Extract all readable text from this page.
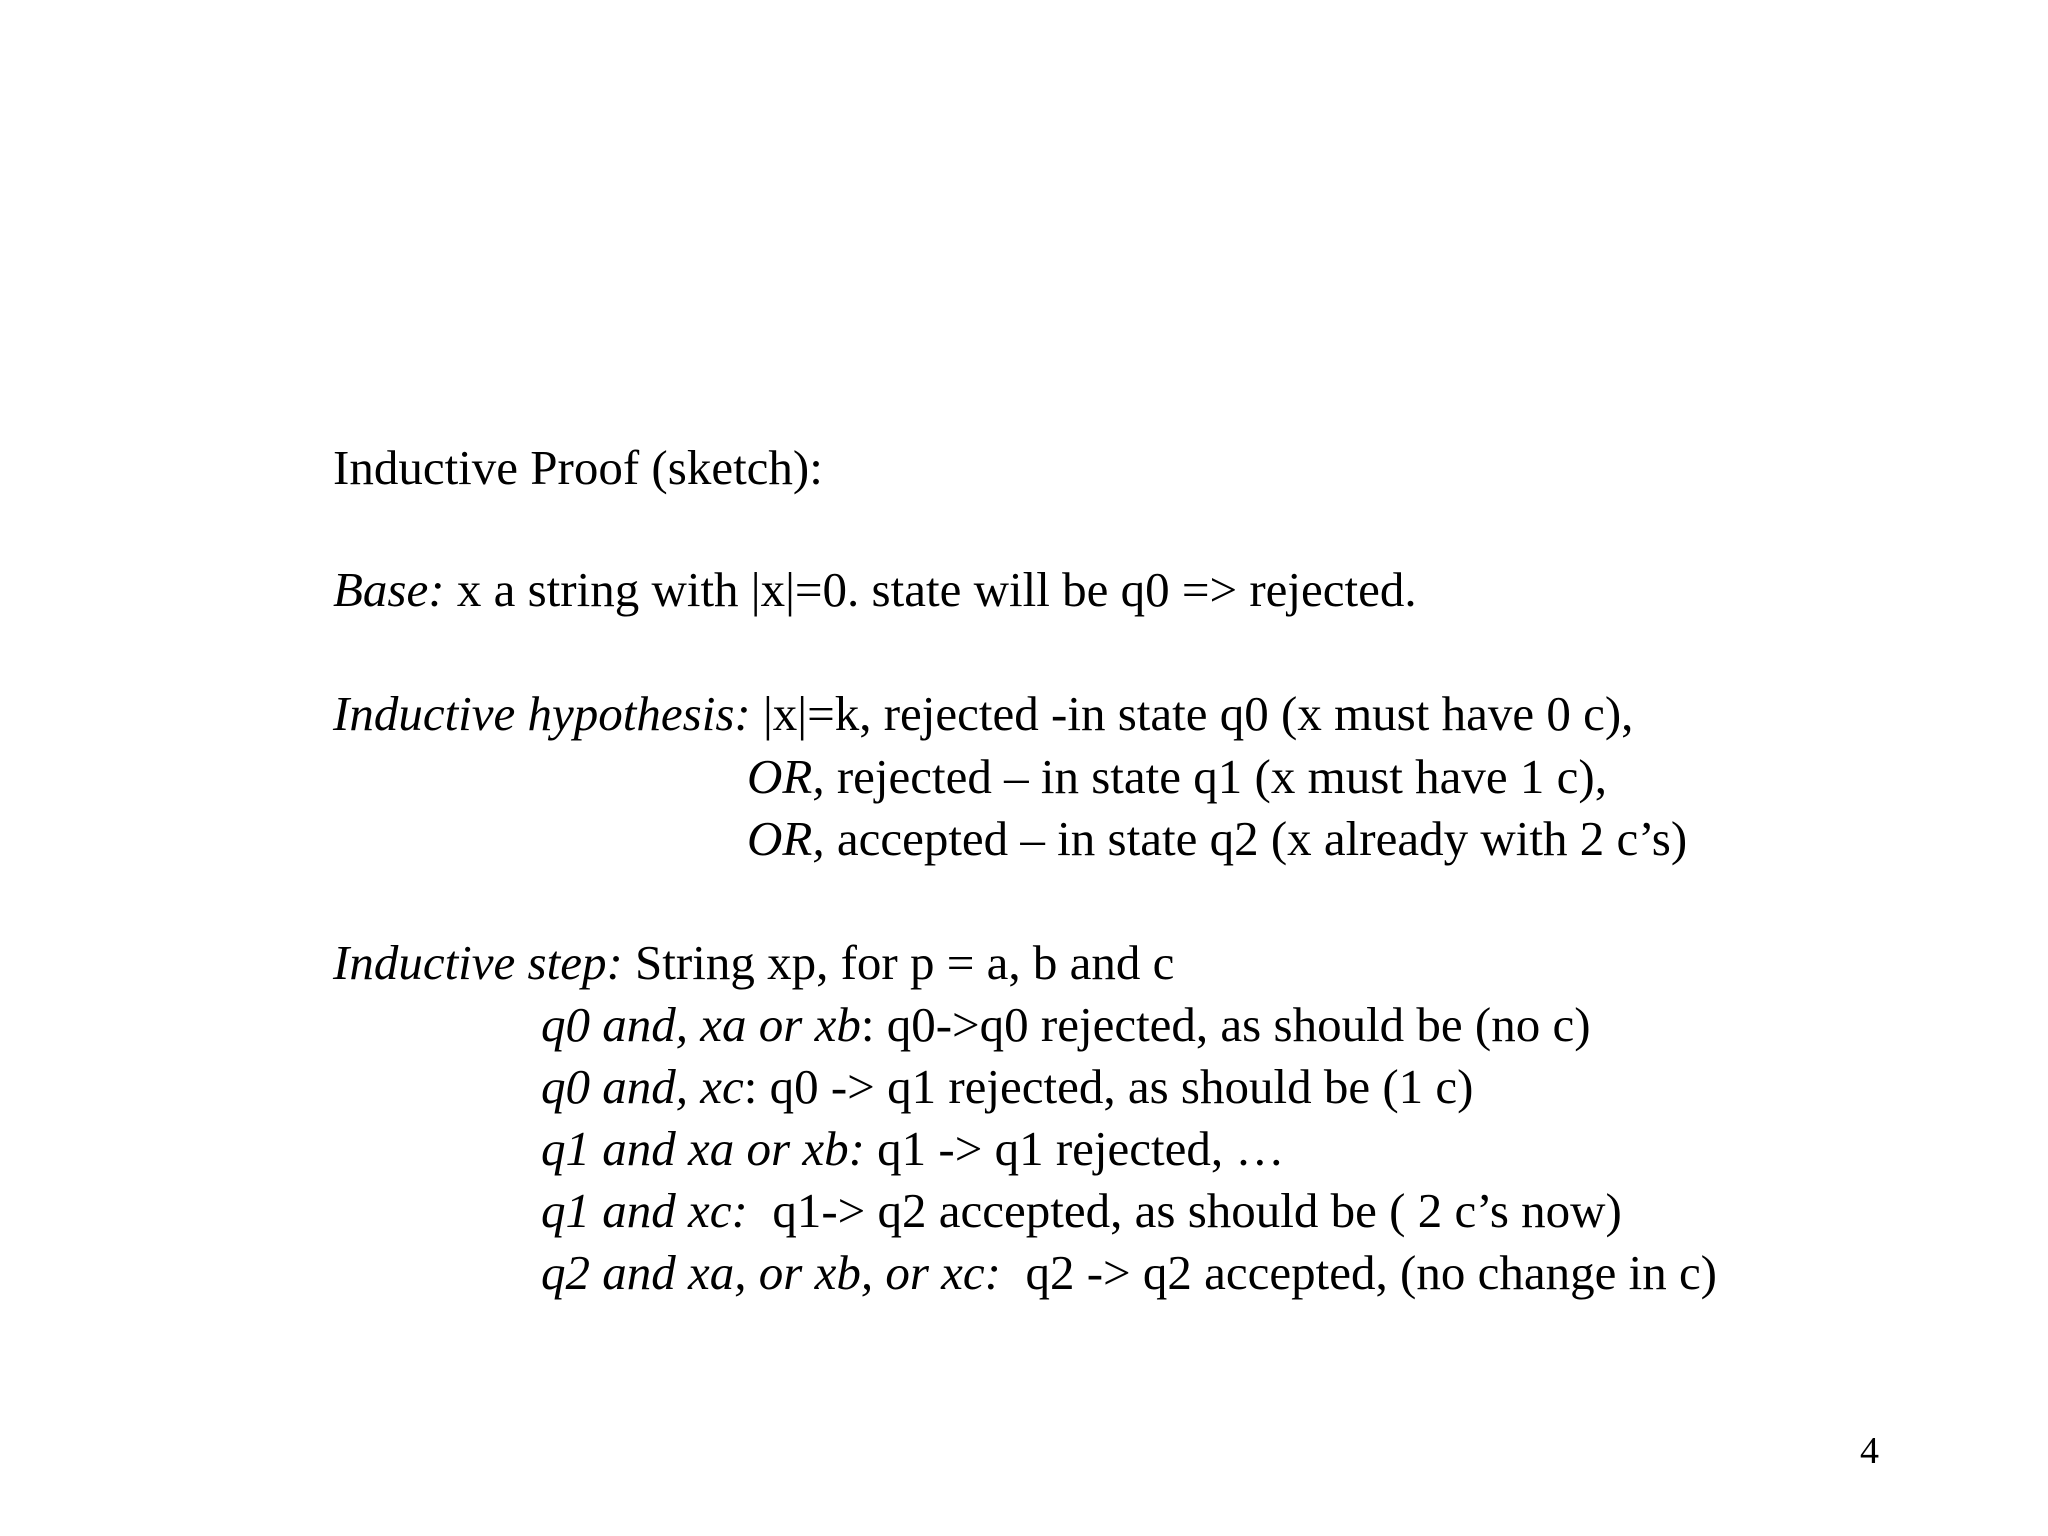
Inductive Proof (sketch):

Base: x a string with |x|=0. state will be q0 => rejected.

Inductive hypothesis: |x|=k, rejected -in state q0 (x must have 0 c),

OR, rejected – in state q1 (x must have 1 c),

OR, accepted – in state q2 (x already with 2 c’s)

Inductive step: String xp, for p = a, b and c

q0 and, xa or xb: q0->q0 rejected, as should be (no c)

q0 and, xc: q0 -> q1 rejected, as should be (1 c)

q1 and xa or xb: q1 -> q1 rejected, …

q1 and xc:  q1-> q2 accepted, as should be ( 2 c’s now)

q2 and xa, or xb, or xc:  q2 -> q2 accepted, (no change in c)

4
